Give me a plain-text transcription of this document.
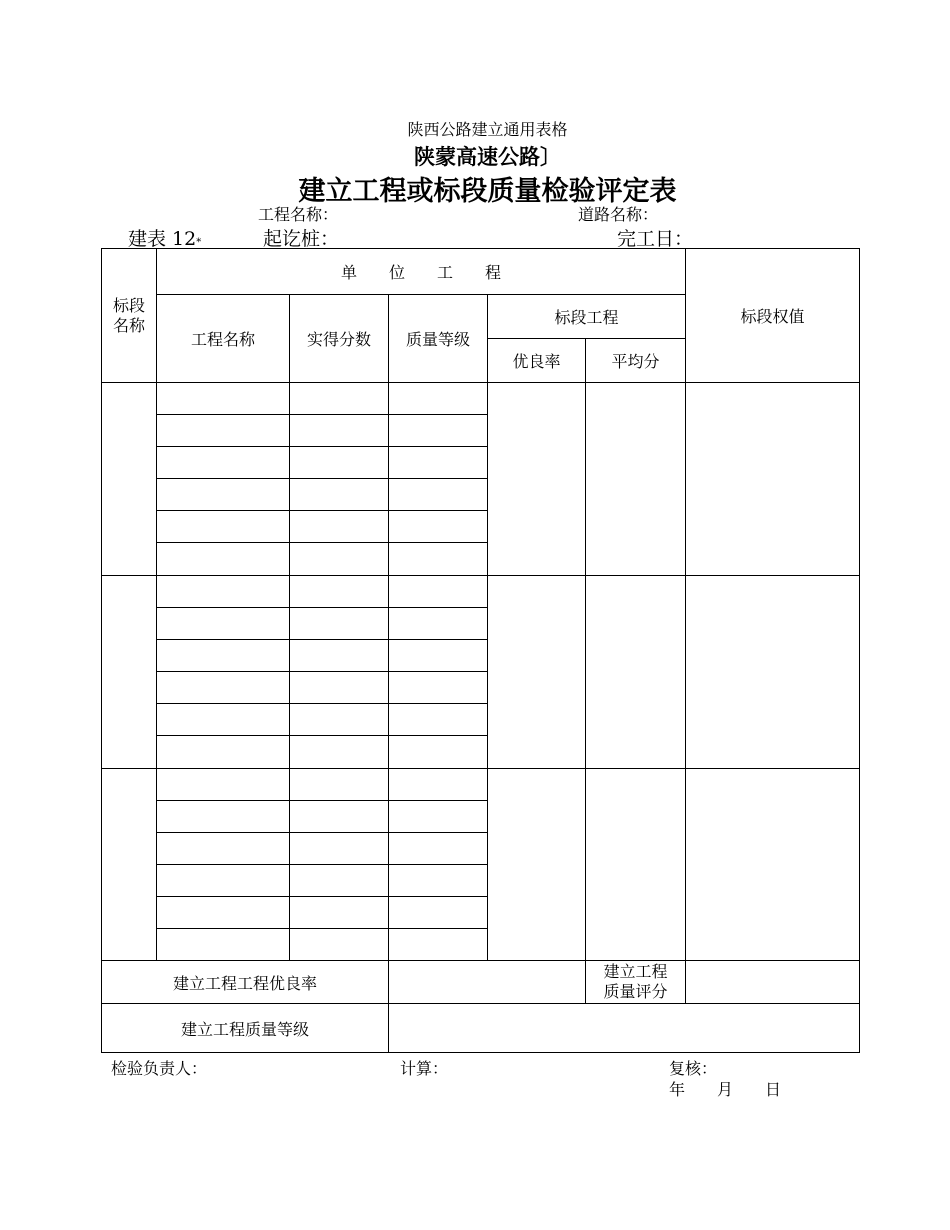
陕西公路建立通用表格
陕蒙高速公路〕
建立工程或标段质量检验评定表
工程名称：	道路名称：
建表 12*	起讫桩：	完工日：
标段
名称	单　　位　　工　　程					标段权值
	工程名称	实得分数	质量等级	标段工程		
				优良率	平均分	

建立工程工程优良率					建立工程
质量评分	
建立工程质量等级						
检验负责人：	计算：	复核：
年　　月　　日
